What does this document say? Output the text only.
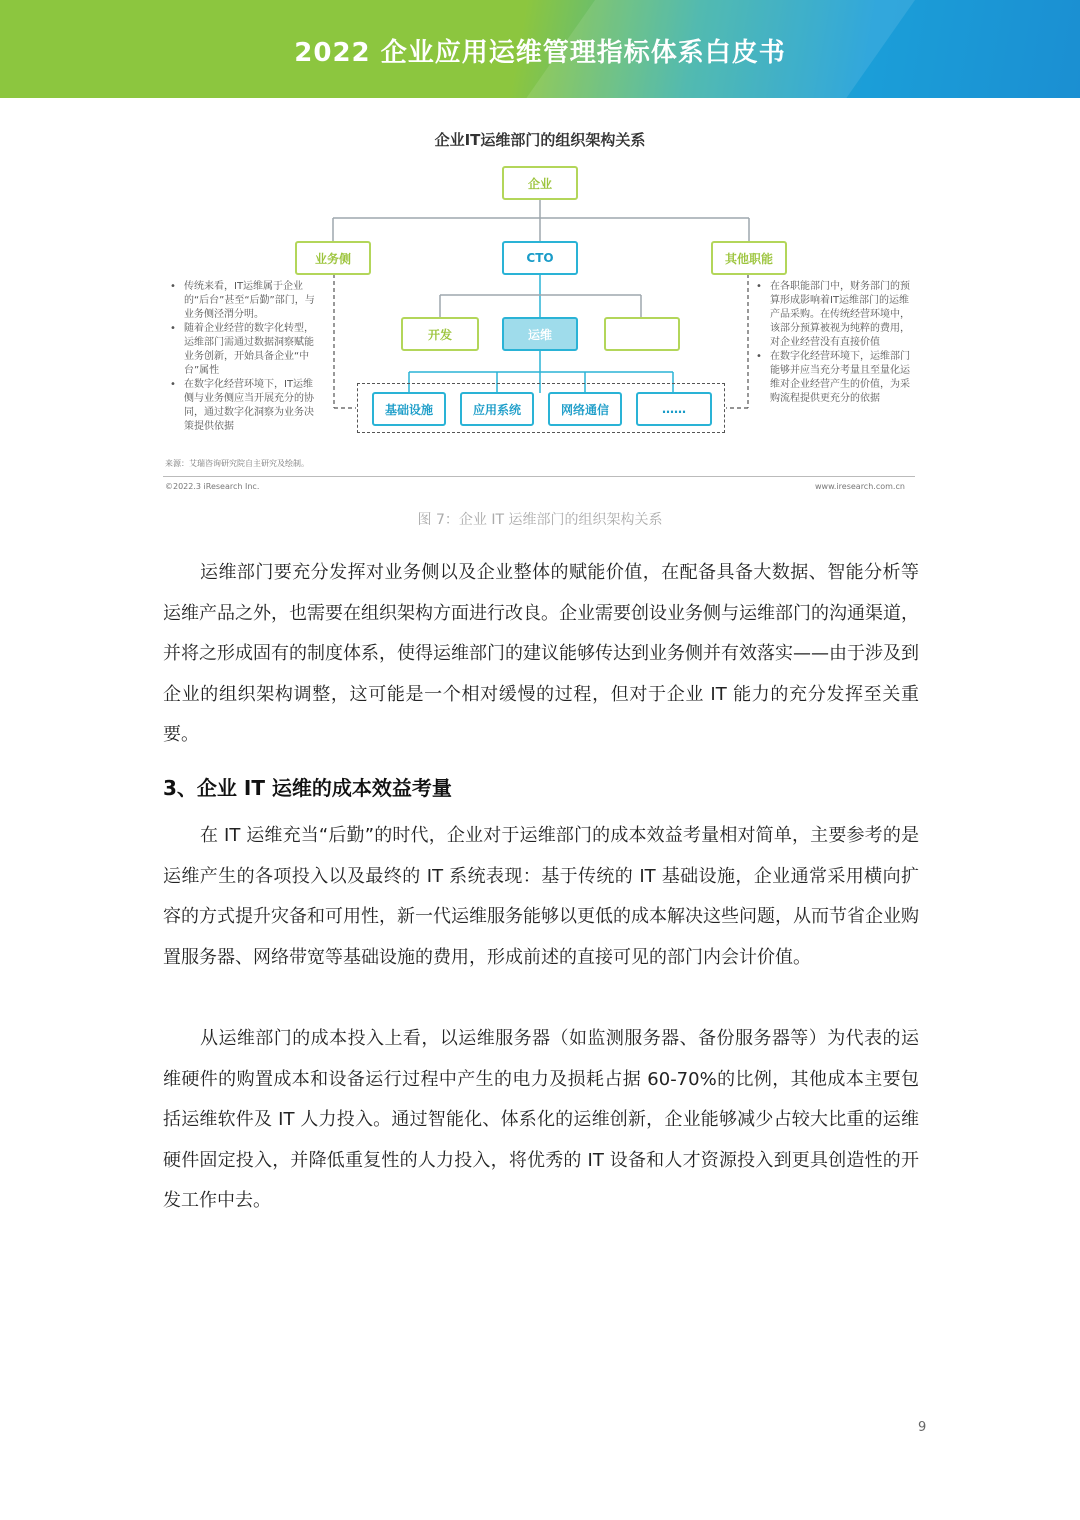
2022 企业应用运维管理指标体系白皮书
企业IT运维部门的组织架构关系
企业
业务侧	CTO	其他职能
开发	运维
基础设施	应用系统	网络通信	……
• 传统来看，IT运维属于企业的“后台”甚至“后勤”部门，与业务侧泾渭分明。
• 随着企业经营的数字化转型，运维部门需通过数据洞察赋能业务创新，开始具备企业“中台”属性
• 在数字化经营环境下，IT运维侧与业务侧应当开展充分的协同，通过数字化洞察为业务决策提供依据
• 在各职能部门中，财务部门的预算形成影响着IT运维部门的运维产品采购。在传统经营环境中，该部分预算被视为纯粹的费用，对企业经营没有直接价值
• 在数字化经营环境下，运维部门能够并应当充分考量且至量化运维对企业经营产生的价值，为采购流程提供更充分的依据
来源：艾瑞咨询研究院自主研究及绘制。
©2022.3 iResearch Inc.	www.iresearch.com.cn
图 7：企业 IT 运维部门的组织架构关系
运维部门要充分发挥对业务侧以及企业整体的赋能价值，在配备具备大数据、智能分析等运维产品之外，也需要在组织架构方面进行改良。企业需要创设业务侧与运维部门的沟通渠道，并将之形成固有的制度体系，使得运维部门的建议能够传达到业务侧并有效落实——由于涉及到企业的组织架构调整，这可能是一个相对缓慢的过程，但对于企业 IT 能力的充分发挥至关重要。
3、企业 IT 运维的成本效益考量
在 IT 运维充当“后勤”的时代，企业对于运维部门的成本效益考量相对简单，主要参考的是运维产生的各项投入以及最终的 IT 系统表现：基于传统的 IT 基础设施，企业通常采用横向扩容的方式提升灾备和可用性，新一代运维服务能够以更低的成本解决这些问题，从而节省企业购置服务器、网络带宽等基础设施的费用，形成前述的直接可见的部门内会计价值。
从运维部门的成本投入上看，以运维服务器（如监测服务器、备份服务器等）为代表的运维硬件的购置成本和设备运行过程中产生的电力及损耗占据 60-70%的比例，其他成本主要包括运维软件及 IT 人力投入。通过智能化、体系化的运维创新，企业能够减少占较大比重的运维硬件固定投入，并降低重复性的人力投入，将优秀的 IT 设备和人才资源投入到更具创造性的开发工作中去。
9
